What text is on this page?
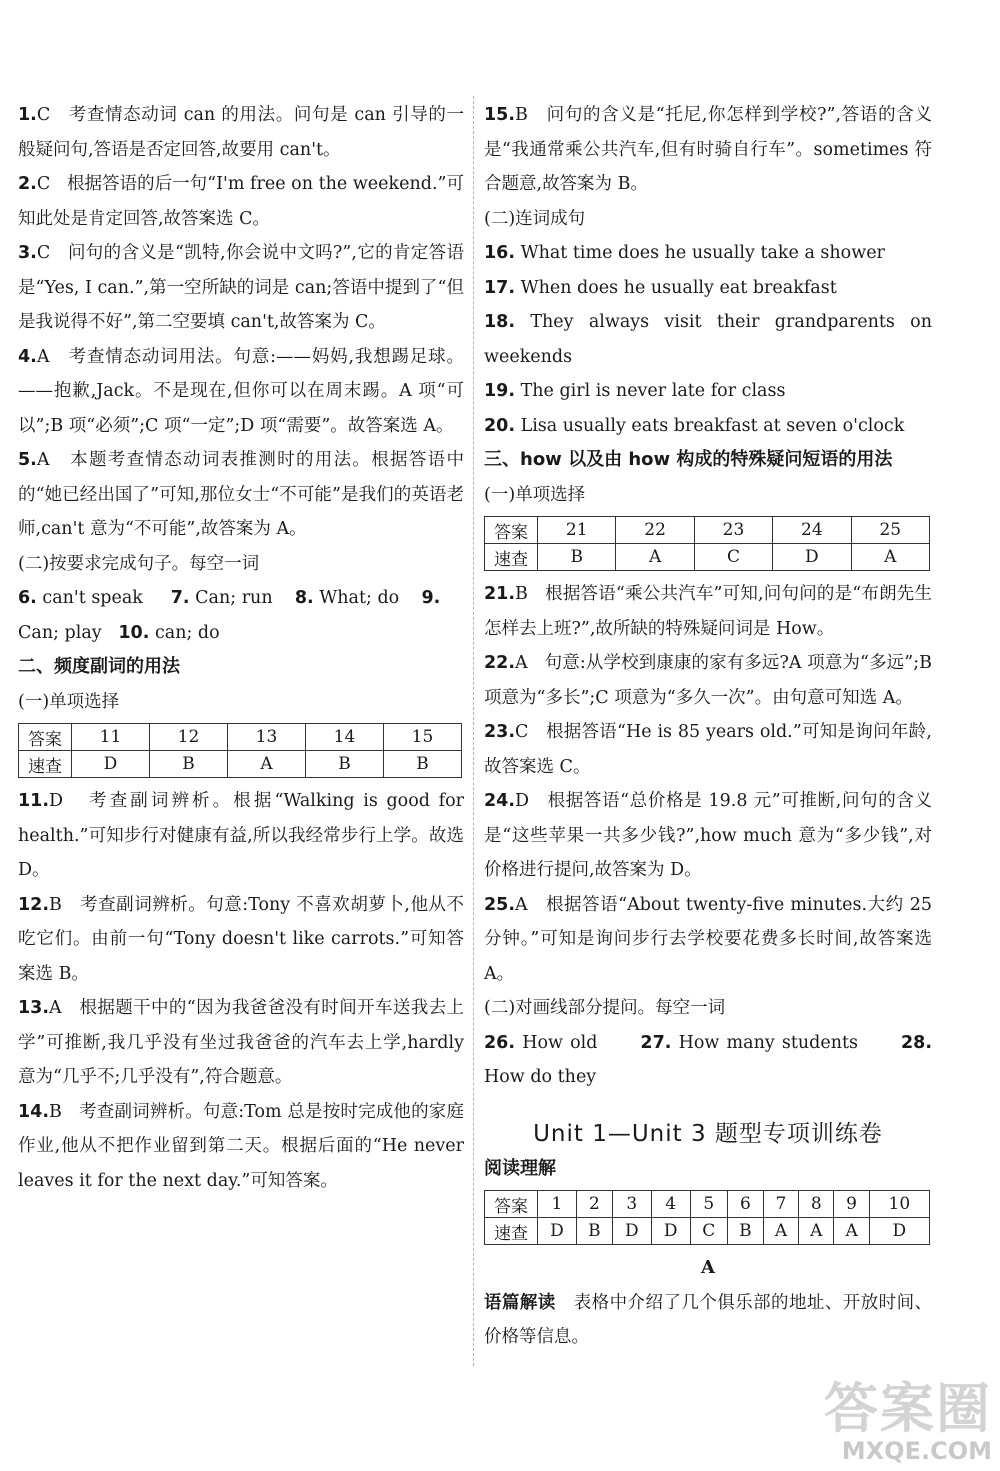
1.C 考查情态动词 can 的用法。问句是 can 引导的一般疑问句,答语是否定回答,故要用 can't。

2.C 根据答语的后一句“I'm free on the weekend.”可知此处是肯定回答,故答案选 C。

3.C 问句的含义是“凯特,你会说中文吗?”,它的肯定答语是“Yes, I can.”,第一空所缺的词是 can;答语中提到了“但是我说得不好”,第二空要填 can't,故答案为 C。

4.A 考查情态动词用法。句意:——妈妈,我想踢足球。——抱歉,Jack。不是现在,但你可以在周末踢。A 项“可以”;B 项“必须”;C 项“一定”;D 项“需要”。故答案选 A。

5.A 本题考查情态动词表推测时的用法。根据答语中的“她已经出国了”可知,那位女士“不可能”是我们的英语老师,can't 意为“不可能”,故答案为 A。

(二)按要求完成句子。每空一词

6. can't speak 7. Can; run 8. What; do 9. Can; play 10. can; do

二、频度副词的用法

(一)单项选择

答案	11	12	13	14	15
速查	D	B	A	B	B

11.D 考查副词辨析。根据“Walking is good for health.”可知步行对健康有益,所以我经常步行上学。故选 D。

12.B 考查副词辨析。句意:Tony 不喜欢胡萝卜,他从不吃它们。由前一句“Tony doesn't like carrots.”可知答案选 B。

13.A 根据题干中的“因为我爸爸没有时间开车送我去上学”可推断,我几乎没有坐过我爸爸的汽车去上学,hardly 意为“几乎不;几乎没有”,符合题意。

14.B 考查副词辨析。句意:Tom 总是按时完成他的家庭作业,他从不把作业留到第二天。根据后面的“He never leaves it for the next day.”可知答案。

15.B 问句的含义是“托尼,你怎样到学校?”,答语的含义是“我通常乘公共汽车,但有时骑自行车”。sometimes 符合题意,故答案为 B。

(二)连词成句

16. What time does he usually take a shower

17. When does he usually eat breakfast

18. They always visit their grandparents on weekends

19. The girl is never late for class

20. Lisa usually eats breakfast at seven o'clock

三、how 以及由 how 构成的特殊疑问短语的用法

(一)单项选择

答案	21	22	23	24	25
速查	B	A	C	D	A

21.B 根据答语“乘公共汽车”可知,问句问的是“布朗先生怎样去上班?”,故所缺的特殊疑问词是 How。

22.A 句意:从学校到康康的家有多远?A 项意为“多远”;B 项意为“多长”;C 项意为“多久一次”。由句意可知选 A。

23.C 根据答语“He is 85 years old.”可知是询问年龄,故答案选 C。

24.D 根据答语“总价格是 19.8 元”可推断,问句的含义是“这些苹果一共多少钱?”,how much 意为“多少钱”,对价格进行提问,故答案为 D。

25.A 根据答语“About twenty-five minutes.大约 25 分钟。”可知是询问步行去学校要花费多长时间,故答案选 A。

(二)对画线部分提问。每空一词

26. How old 27. How many students 28. How do they

Unit 1—Unit 3 题型专项训练卷

阅读理解

答案	1	2	3	4	5	6	7	8	9	10
速查	D	B	D	D	C	B	A	A	A	D

A

语篇解读 表格中介绍了几个俱乐部的地址、开放时间、价格等信息。

答案圈
MXQE.COM
